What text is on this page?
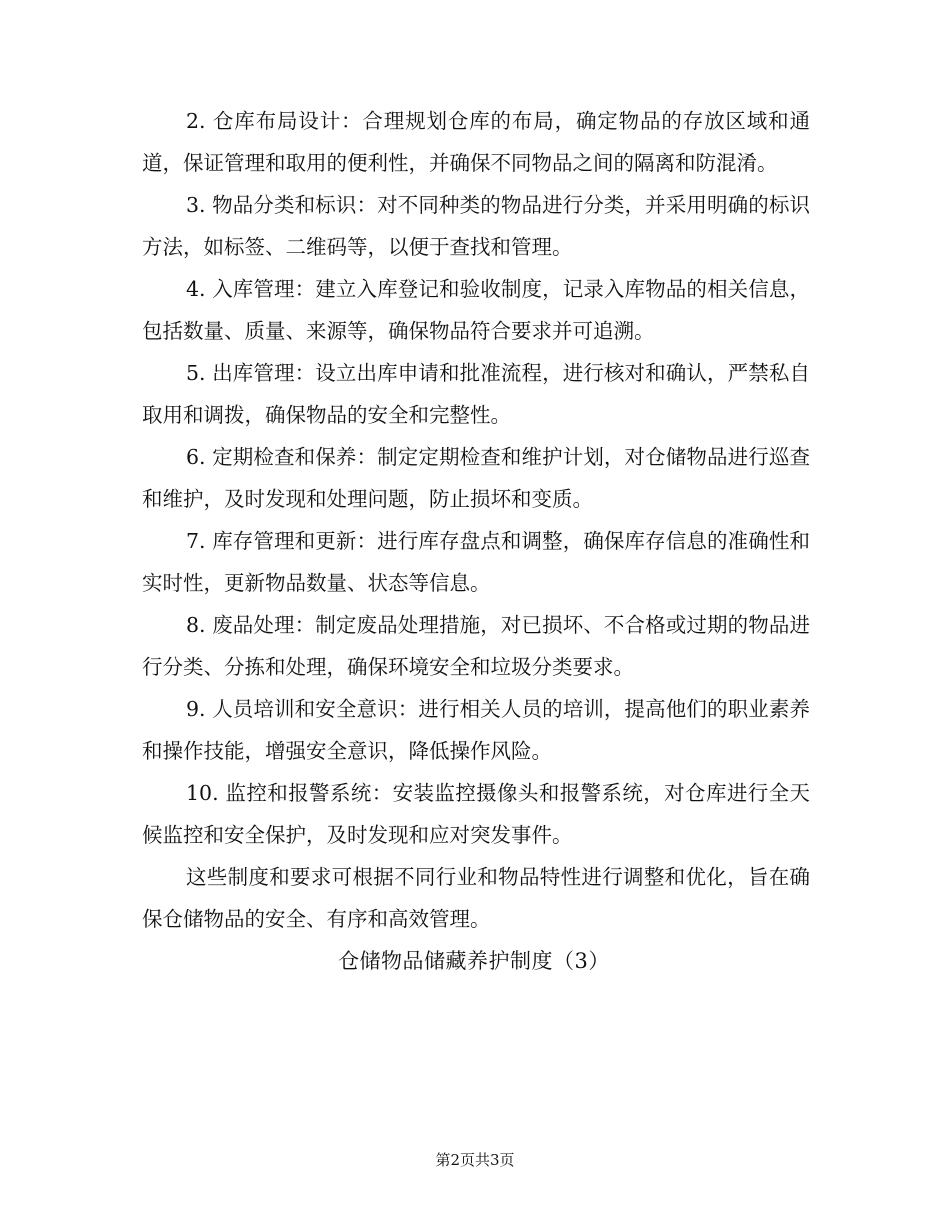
2. 仓库布局设计：合理规划仓库的布局，确定物品的存放区域和通道，保证管理和取用的便利性，并确保不同物品之间的隔离和防混淆。

3. 物品分类和标识：对不同种类的物品进行分类，并采用明确的标识方法，如标签、二维码等，以便于查找和管理。

4. 入库管理：建立入库登记和验收制度，记录入库物品的相关信息，包括数量、质量、来源等，确保物品符合要求并可追溯。

5. 出库管理：设立出库申请和批准流程，进行核对和确认，严禁私自取用和调拨，确保物品的安全和完整性。

6. 定期检查和保养：制定定期检查和维护计划，对仓储物品进行巡查和维护，及时发现和处理问题，防止损坏和变质。

7. 库存管理和更新：进行库存盘点和调整，确保库存信息的准确性和实时性，更新物品数量、状态等信息。

8. 废品处理：制定废品处理措施，对已损坏、不合格或过期的物品进行分类、分拣和处理，确保环境安全和垃圾分类要求。

9. 人员培训和安全意识：进行相关人员的培训，提高他们的职业素养和操作技能，增强安全意识，降低操作风险。

10. 监控和报警系统：安装监控摄像头和报警系统，对仓库进行全天候监控和安全保护，及时发现和应对突发事件。

这些制度和要求可根据不同行业和物品特性进行调整和优化，旨在确保仓储物品的安全、有序和高效管理。

仓储物品储藏养护制度（3）

第2页共3页
